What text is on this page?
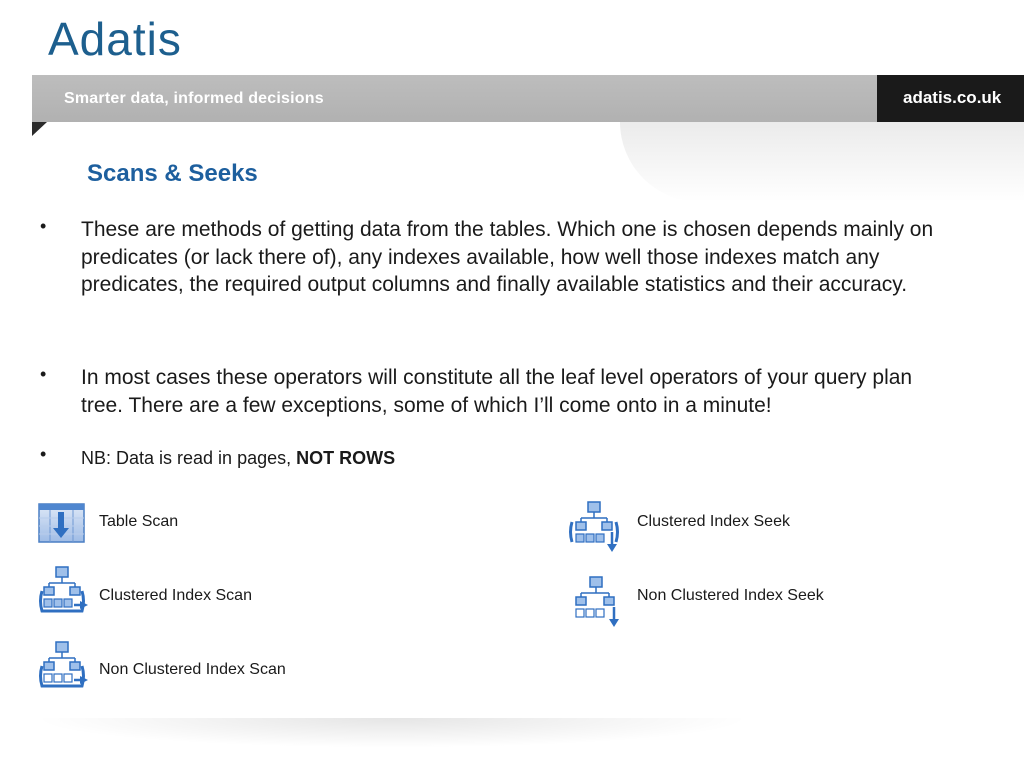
Adatis
Smarter data, informed decisions	adatis.co.uk
Scans & Seeks
• These are methods of getting data from the tables. Which one is chosen depends mainly on predicates (or lack there of), any indexes available, how well those indexes match any predicates, the required output columns and finally available statistics and their accuracy.
• In most cases these operators will constitute all the leaf level operators of your query plan tree. There are a few exceptions, some of which I’ll come onto in a minute!
• NB: Data is read in pages, NOT ROWS
Table Scan
Clustered Index Scan
Non Clustered Index Scan
Clustered Index Seek
Non Clustered Index Seek
